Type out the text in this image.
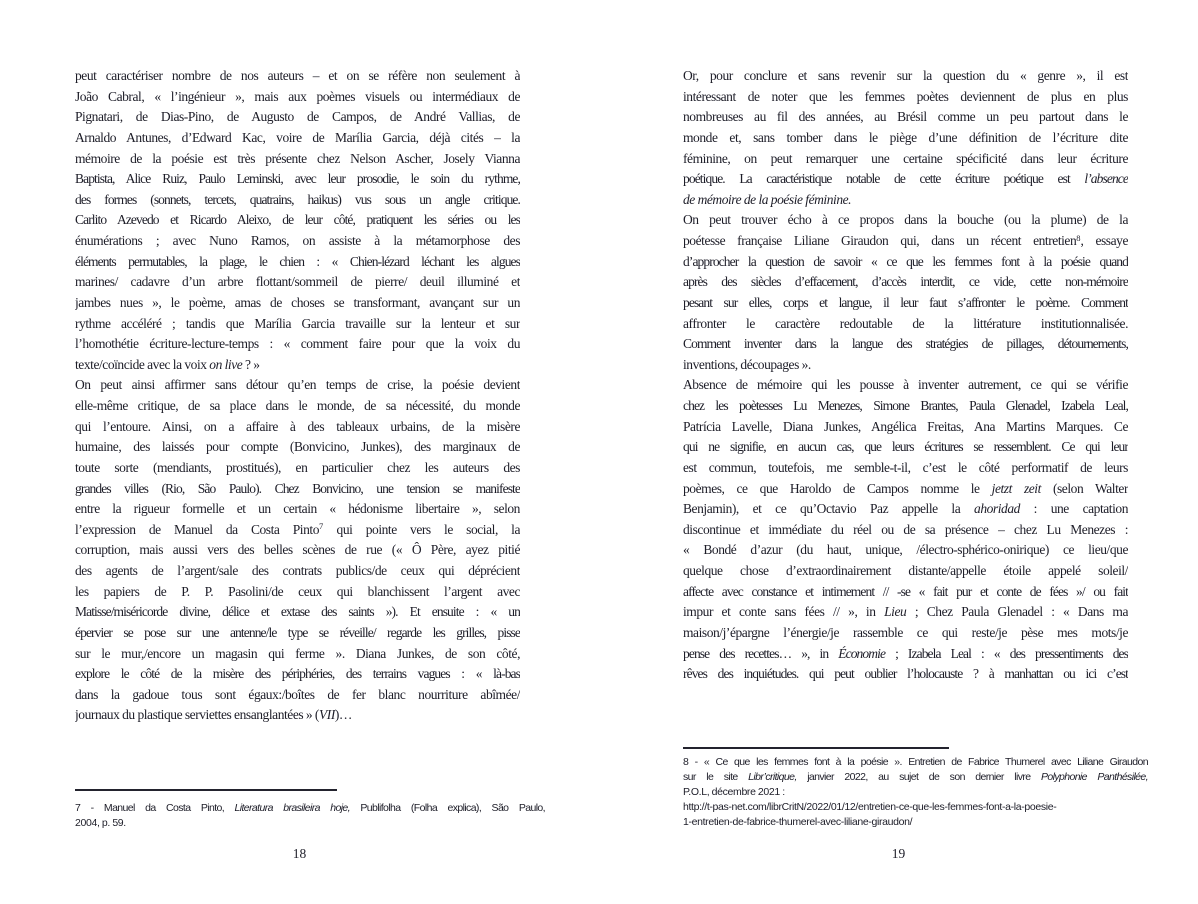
peut caractériser nombre de nos auteurs – et on se réfère non seulement à
João Cabral, « l’ingénieur », mais aux poèmes visuels ou intermédiaux de
Pignatari, de Dias-Pino, de Augusto de Campos, de André Vallias, de
Arnaldo Antunes, d’Edward Kac, voire de Marília Garcia, déjà cités – la
mémoire de la poésie est très présente chez Nelson Ascher, Josely Vianna
Baptista, Alice Ruiz, Paulo Leminski, avec leur prosodie, le soin du rythme,
des formes (sonnets, tercets, quatrains, haikus) vus sous un angle critique.
Carlito Azevedo et Ricardo Aleixo, de leur côté, pratiquent les séries ou les
énumérations ; avec Nuno Ramos, on assiste à la métamorphose des
éléments permutables, la plage, le chien : « Chien-lézard léchant les algues
marines/ cadavre d’un arbre flottant/sommeil de pierre/ deuil illuminé et
jambes nues », le poème, amas de choses se transformant, avançant sur un
rythme accéléré ; tandis que Marília Garcia travaille sur la lenteur et sur
l’homothétie écriture-lecture-temps : « comment faire pour que la voix du
texte/coïncide avec la voix on live ? »
On peut ainsi affirmer sans détour qu’en temps de crise, la poésie devient
elle-même critique, de sa place dans le monde, de sa nécessité, du monde
qui l’entoure. Ainsi, on a affaire à des tableaux urbains, de la misère
humaine, des laissés pour compte (Bonvicino, Junkes), des marginaux de
toute sorte (mendiants, prostitués), en particulier chez les auteurs des
grandes villes (Rio, São Paulo). Chez Bonvicino, une tension se manifeste
entre la rigueur formelle et un certain « hédonisme libertaire », selon
l’expression de Manuel da Costa Pinto$^7$ qui pointe vers le social, la
corruption, mais aussi vers des belles scènes de rue (« Ô Père, ayez pitié
des agents de l’argent/sale des contrats publics/de ceux qui déprécient
les papiers de P. P. Pasolini/de ceux qui blanchissent l’argent avec
Matisse/miséricorde divine, délice et extase des saints »). Et ensuite : « un
épervier se pose sur une antenne/le type se réveille/ regarde les grilles, pisse
sur le mur,/encore un magasin qui ferme ». Diana Junkes, de son côté,
explore le côté de la misère des périphéries, des terrains vagues : « là-bas
dans la gadoue tous sont égaux:/boîtes de fer blanc nourriture abîmée/
journaux du plastique serviettes ensanglantées » (VII)…
Or, pour conclure et sans revenir sur la question du « genre », il est
intéressant de noter que les femmes poètes deviennent de plus en plus
nombreuses au fil des années, au Brésil comme un peu partout dans le
monde et, sans tomber dans le piège d’une définition de l’écriture dite
féminine, on peut remarquer une certaine spécificité dans leur écriture
poétique. La caractéristique notable de cette écriture poétique est l’absence
de mémoire de la poésie féminine.
On peut trouver écho à ce propos dans la bouche (ou la plume) de la
poétesse française Liliane Giraudon qui, dans un récent entretien$^8$, essaye
d’approcher la question de savoir « ce que les femmes font à la poésie quand
après des siècles d’effacement, d’accès interdit, ce vide, cette non-mémoire
pesant sur elles, corps et langue, il leur faut s’affronter le poème. Comment
affronter le caractère redoutable de la littérature institutionnalisée.
Comment inventer dans la langue des stratégies de pillages, détournements,
inventions, découpages ».
Absence de mémoire qui les pousse à inventer autrement, ce qui se vérifie
chez les poètesses Lu Menezes, Simone Brantes, Paula Glenadel, Izabela Leal,
Patrícia Lavelle, Diana Junkes, Angélica Freitas, Ana Martins Marques. Ce
qui ne signifie, en aucun cas, que leurs écritures se ressemblent. Ce qui leur
est commun, toutefois, me semble-t-il, c’est le côté performatif de leurs
poèmes, ce que Haroldo de Campos nomme le jetzt zeit (selon Walter
Benjamin), et ce qu’Octavio Paz appelle la ahoridad : une captation
discontinue et immédiate du réel ou de sa présence – chez Lu Menezes :
« Bondé d’azur (du haut, unique, /électro-sphérico-onirique) ce lieu/que
quelque chose d’extraordinairement distante/appelle étoile appelé soleil/
affecte avec constance et intimement // -se « fait pur et conte de fées »/ ou fait
impur et conte sans fées // », in Lieu ; Chez Paula Glenadel : « Dans ma
maison/j’épargne l’énergie/je rassemble ce qui reste/je pèse mes mots/je
pense des recettes… », in Économie ; Izabela Leal : « des pressentiments des
rêves des inquiétudes. qui peut oublier l’holocauste ? à manhattan ou ici c’est
7 - Manuel da Costa Pinto, Literatura brasileira hoje, Publifolha (Folha explica), São Paulo,
2004, p. 59.
8 - « Ce que les femmes font à la poésie ». Entretien de Fabrice Thumerel avec Liliane Giraudon
sur le site Libr’critique, janvier 2022, au sujet de son dernier livre Polyphonie Panthésilée,
P.O.L, décembre 2021 :
http://t-pas-net.com/librCritN/2022/01/12/entretien-ce-que-les-femmes-font-a-la-poesie-
1-entretien-de-fabrice-thumerel-avec-liliane-giraudon/
18	19
